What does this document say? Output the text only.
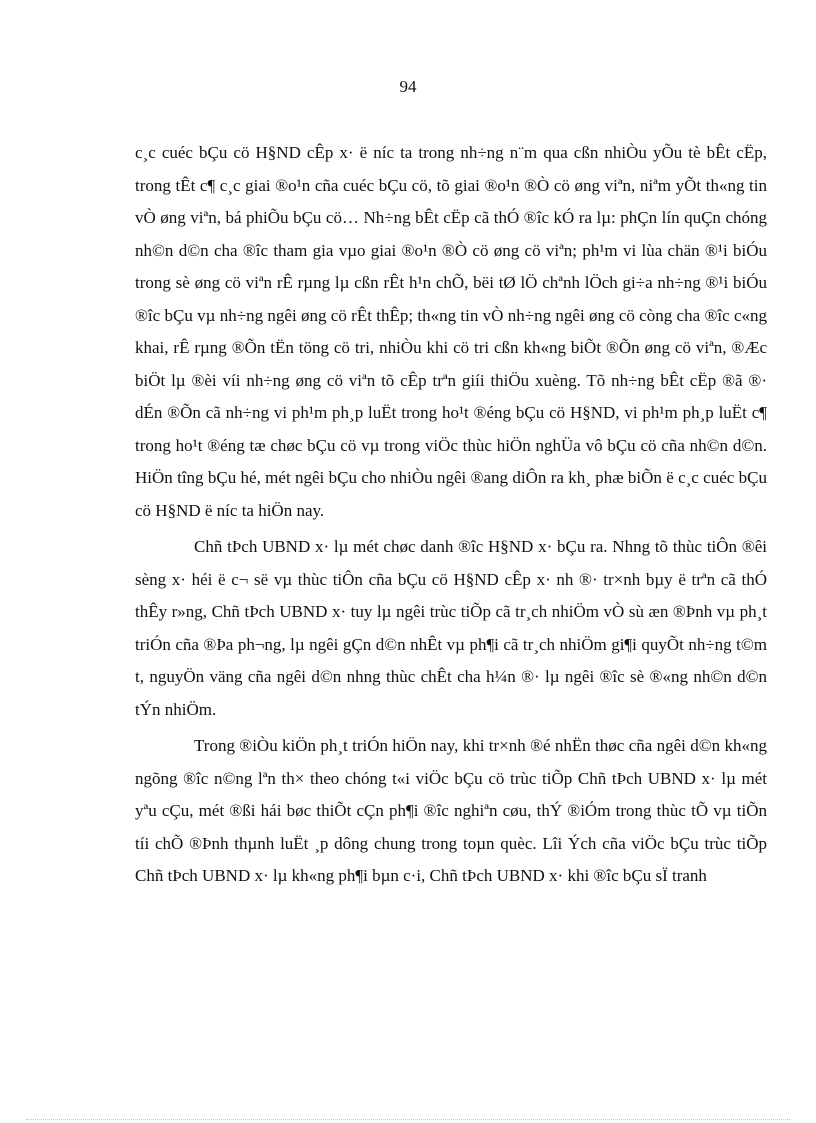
94

c¸c cuéc bÇu cö H§ND cÊp x· ë níc ta trong nh÷ng n¨m qua cßn nhiÒu yÕu tè bÊt cËp, trong tÊt c¶ c¸c giai ®o¹n cña cuéc bÇu cö, tõ giai ®o¹n ®Ò cö øng viªn, niªm yÕt th«ng tin vÒ øng viªn, bá phiÕu bÇu cö… Nh÷ng bÊt cËp cã thÓ ®îc kÓ ra lµ: phÇn lín quÇn chóng nh©n d©n cha ®îc tham gia vµo giai ®o¹n ®Ò cö øng cö viªn; ph¹m vi lùa chän ®¹i biÓu trong sè øng cö viªn rÊ rµng lµ cßn rÊt h¹n chÕ, bëi tØ lÖ chªnh lÖch gi÷a nh÷ng ®¹i biÓu ®îc bÇu vµ nh÷ng ngêi øng cö rÊt thÊp; th«ng tin vÒ nh÷ng ngêi øng cö còng cha ®îc c«ng khai, rÊ rµng ®Õn tËn töng cö tri, nhiÒu khi cö tri cßn kh«ng biÕt ®Õn øng cö viªn, ®Æc biÖt lµ ®èi víi nh÷ng øng cö viªn tõ cÊp trªn giíi thiÖu xuèng. Tõ nh÷ng bÊt cËp ®ã ®· dÉn ®Õn cã nh÷ng vi ph¹m ph¸p luËt trong ho¹t ®éng bÇu cö H§ND, vi ph¹m ph¸p luËt c¶ trong ho¹t ®éng tæ chøc bÇu cö vµ trong viÖc thùc hiÖn nghÜa vô bÇu cö cña nh©n d©n. HiÖn tîng bÇu hé, mét ngêi bÇu cho nhiÒu ngêi ®ang diÔn ra kh¸ phæ biÕn ë c¸c cuéc bÇu cö H§ND ë níc ta hiÖn nay.

Chñ tÞch UBND x· lµ mét chøc danh ®îc H§ND x· bÇu ra. Nhng tõ thùc tiÔn ®êi sèng x· héi ë c¬ së vµ thùc tiÔn cña bÇu cö H§ND cÊp x· nh ®· tr×nh bµy ë trªn cã thÓ thÊy r»ng, Chñ tÞch UBND x· tuy lµ ngêi trùc tiÕp cã tr¸ch nhiÖm vÒ sù æn ®Þnh vµ ph¸t triÓn cña ®Þa ph¬ng, lµ ngêi gÇn d©n nhÊt vµ ph¶i cã tr¸ch nhiÖm gi¶i quyÕt nh÷ng t©m t, nguyÖn väng cña ngêi d©n nhng thùc chÊt cha h¼n ®· lµ ngêi ®îc sè ®«ng nh©n d©n tÝn nhiÖm.

Trong ®iÒu kiÖn ph¸t triÓn hiÖn nay, khi tr×nh ®é nhËn thøc cña ngêi d©n kh«ng ngõng ®îc n©ng lªn th× theo chóng t«i viÖc bÇu cö trùc tiÕp Chñ tÞch UBND x· lµ mét yªu cÇu, mét ®ßi hái bøc thiÕt cÇn ph¶i ®îc nghiªn cøu, thÝ ®iÓm trong thùc tÕ vµ tiÕn tíi chÕ ®Þnh thµnh luËt ¸p dông chung trong toµn quèc. Lîi Ých cña viÖc bÇu trùc tiÕp Chñ tÞch UBND x· lµ kh«ng ph¶i bµn c·i, Chñ tÞch UBND x· khi ®îc bÇu sÏ tranh
